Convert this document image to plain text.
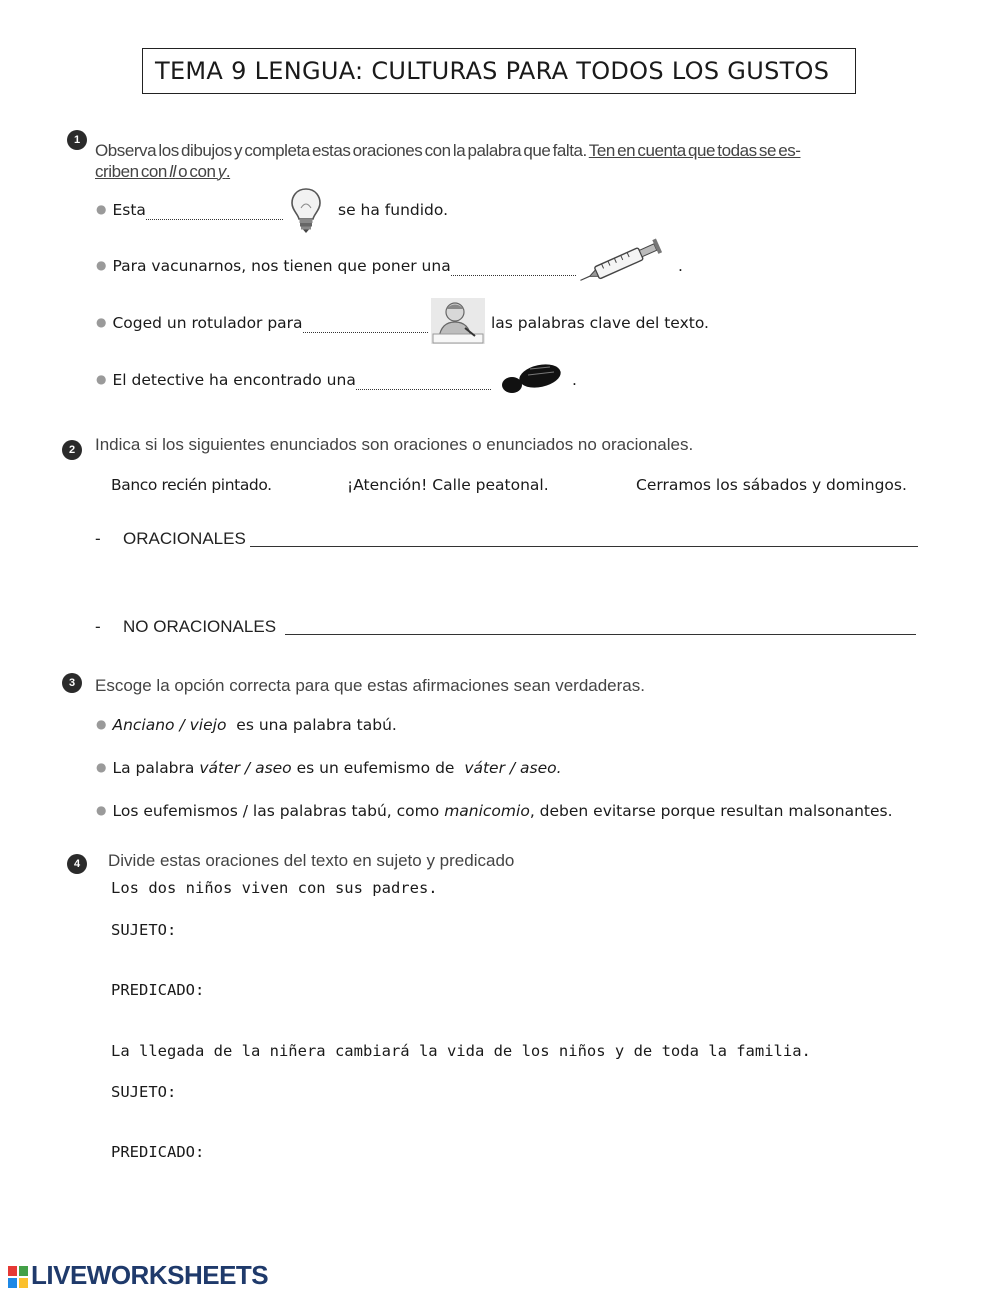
TEMA 9 LENGUA: CULTURAS PARA TODOS LOS GUSTOS
1
Observa los dibujos y completa estas oraciones con la palabra que falta. Ten en cuenta que todas se es-
criben con ll o con y.
● Esta	se ha fundido.
● Para vacunarnos, nos tienen que poner una	.
● Coged un rotulador para	las palabras clave del texto.
● El detective ha encontrado una	.
2	Indica si los siguientes enunciados son oraciones o enunciados no oracionales.
Banco recién pintado.	¡Atención! Calle peatonal.	Cerramos los sábados y domingos.
- ORACIONALES
- NO ORACIONALES
3	Escoge la opción correcta para que estas afirmaciones sean verdaderas.
● Anciano / viejo es una palabra tabú.
● La palabra váter / aseo es un eufemismo de váter / aseo.
● Los eufemismos / las palabras tabú, como manicomio, deben evitarse porque resultan malsonantes.
4	Divide estas oraciones del texto en sujeto y predicado
Los dos niños viven con sus padres.
SUJETO:
PREDICADO:
La llegada de la niñera cambiará la vida de los niños y de toda la familia.
SUJETO:
PREDICADO:
LIVEWORKSHEETS
